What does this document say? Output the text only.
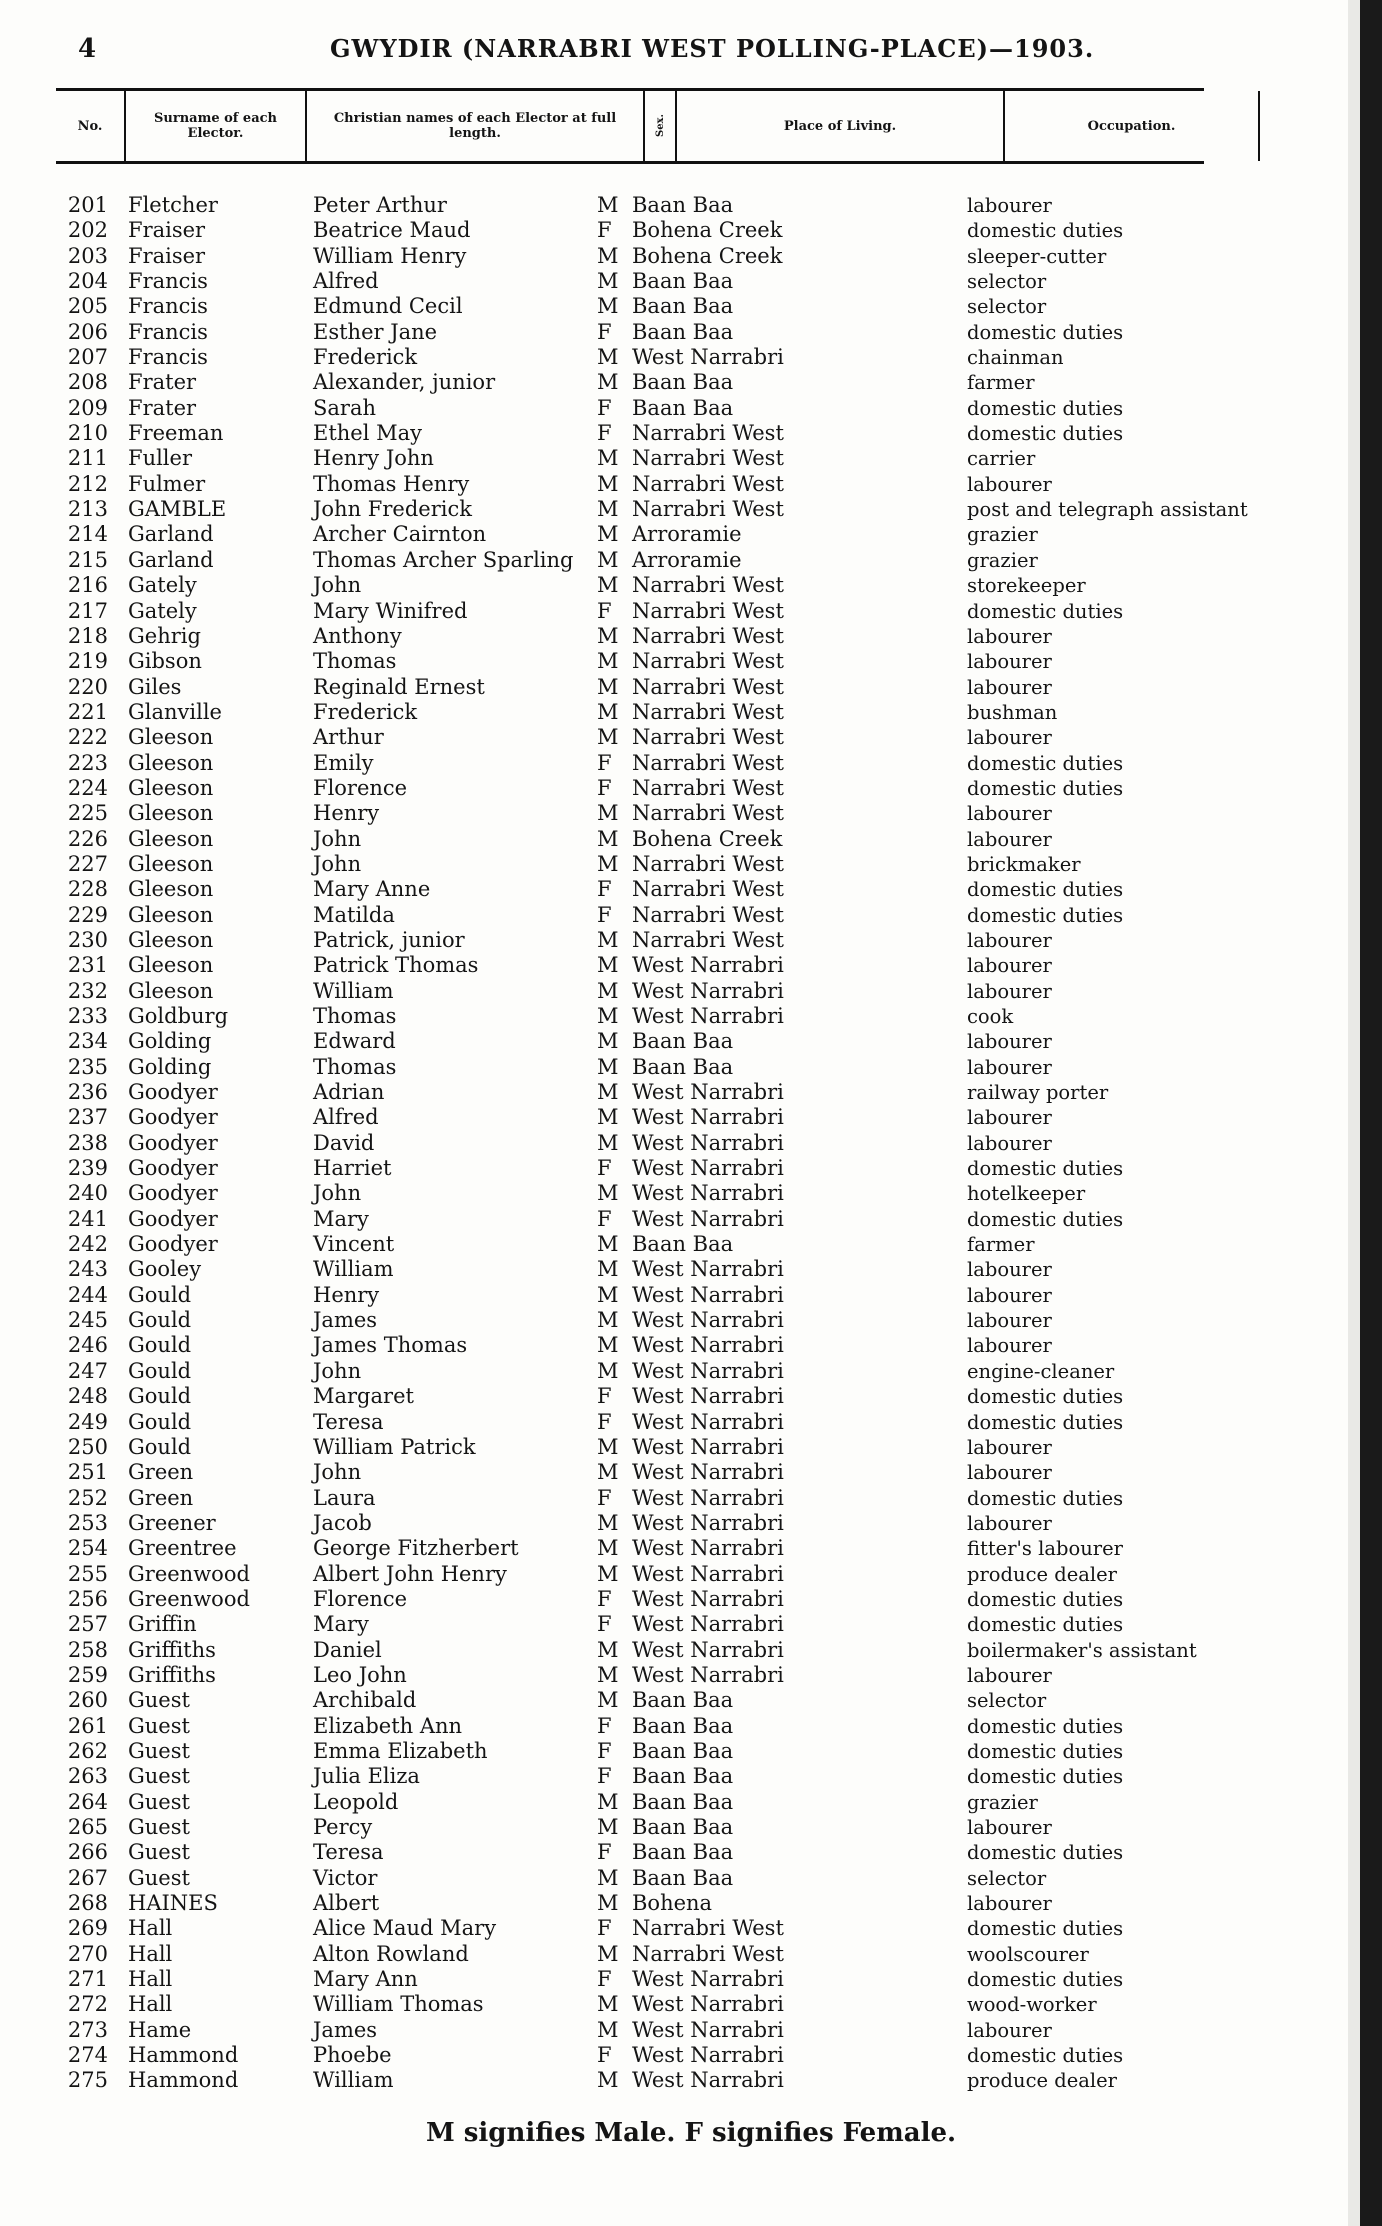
4	GWYDIR (NARRABRI WEST POLLING-PLACE)—1903.
No.	Surname of each Elector.
Christian names of each Elector at full length.	Sex.	Place of Living.	Occupation.
201 Fletcher	Peter Arthur	M Baan Baa	labourer
202 Fraiser	Beatrice Maud	F Bohena Creek	domestic duties
203 Fraiser	William Henry	M Bohena Creek	sleeper-cutter
204 Francis	Alfred	M Baan Baa	selector
205 Francis	Edmund Cecil	M Baan Baa	selector
206 Francis	Esther Jane	F Baan Baa	domestic duties
207 Francis	Frederick	M West Narrabri	chainman
208 Frater	Alexander, junior	M Baan Baa	farmer
209 Frater	Sarah	F Baan Baa	domestic duties
210 Freeman	Ethel May	F Narrabri West	domestic duties
211 Fuller	Henry John	M Narrabri West	carrier
212 Fulmer	Thomas Henry	M Narrabri West	labourer
213 GAMBLE	John Frederick	M Narrabri West	post and telegraph assistant
214 Garland	Archer Cairnton	M Arroramie	grazier
215 Garland	Thomas Archer Sparling M Arroramie	grazier
216 Gately	John	M Narrabri West	storekeeper
217 Gately	Mary Winifred	F Narrabri West	domestic duties
218 Gehrig	Anthony	M Narrabri West	labourer
219 Gibson	Thomas	M Narrabri West	labourer
220 Giles	Reginald Ernest	M Narrabri West	labourer
221 Glanville	Frederick	M Narrabri West	bushman
222 Gleeson	Arthur	M Narrabri West	labourer
223 Gleeson	Emily	F Narrabri West	domestic duties
224 Gleeson	Florence	F Narrabri West	domestic duties
225 Gleeson	Henry	M Narrabri West	labourer
226 Gleeson	John	M Bohena Creek	labourer
227 Gleeson	John	M Narrabri West	brickmaker
228 Gleeson	Mary Anne	F Narrabri West	domestic duties
229 Gleeson	Matilda	F Narrabri West	domestic duties
230 Gleeson	Patrick, junior	M Narrabri West	labourer
231 Gleeson	Patrick Thomas	M West Narrabri	labourer
232 Gleeson	William	M West Narrabri	labourer
233 Goldburg	Thomas	M West Narrabri	cook
234 Golding	Edward	M Baan Baa	labourer
235 Golding	Thomas	M Baan Baa	labourer
236 Goodyer	Adrian	M West Narrabri	railway porter
237 Goodyer	Alfred	M West Narrabri	labourer
238 Goodyer	David	M West Narrabri	labourer
239 Goodyer	Harriet	F West Narrabri	domestic duties
240 Goodyer	John	M West Narrabri	hotelkeeper
241 Goodyer	Mary	F West Narrabri	domestic duties
242 Goodyer	Vincent	M Baan Baa	farmer
243 Gooley	William	M West Narrabri	labourer
244 Gould	Henry	M West Narrabri	labourer
245 Gould	James	M West Narrabri	labourer
246 Gould	James Thomas	M West Narrabri	labourer
247 Gould	John	M West Narrabri	engine-cleaner
248 Gould	Margaret	F West Narrabri	domestic duties
249 Gould	Teresa	F West Narrabri	domestic duties
250 Gould	William Patrick	M West Narrabri	labourer
251 Green	John	M West Narrabri	labourer
252 Green	Laura	F West Narrabri	domestic duties
253 Greener	Jacob	M West Narrabri	labourer
254 Greentree	George Fitzherbert	M West Narrabri	fitter's labourer
255 Greenwood	Albert John Henry	M West Narrabri	produce dealer
256 Greenwood	Florence	F West Narrabri	domestic duties
257 Griffin	Mary	F West Narrabri	domestic duties
258 Griffiths	Daniel	M West Narrabri	boilermaker's assistant
259 Griffiths	Leo John	M West Narrabri	labourer
260 Guest	Archibald	M Baan Baa	selector
261 Guest	Elizabeth Ann	F Baan Baa	domestic duties
262 Guest	Emma Elizabeth	F Baan Baa	domestic duties
263 Guest	Julia Eliza	F Baan Baa	domestic duties
264 Guest	Leopold	M Baan Baa	grazier
265 Guest	Percy	M Baan Baa	labourer
266 Guest	Teresa	F Baan Baa	domestic duties
267 Guest	Victor	M Baan Baa	selector
268 HAINES	Albert	M Bohena	labourer
269 Hall	Alice Maud Mary	F Narrabri West	domestic duties
270 Hall	Alton Rowland	M Narrabri West	woolscourer
271 Hall	Mary Ann	F West Narrabri	domestic duties
272 Hall	William Thomas	M West Narrabri	wood-worker
273 Hame	James	M West Narrabri	labourer
274 Hammond	Phoebe	F West Narrabri	domestic duties
275 Hammond	William	M West Narrabri	produce dealer
M signifies Male. F signifies Female.
